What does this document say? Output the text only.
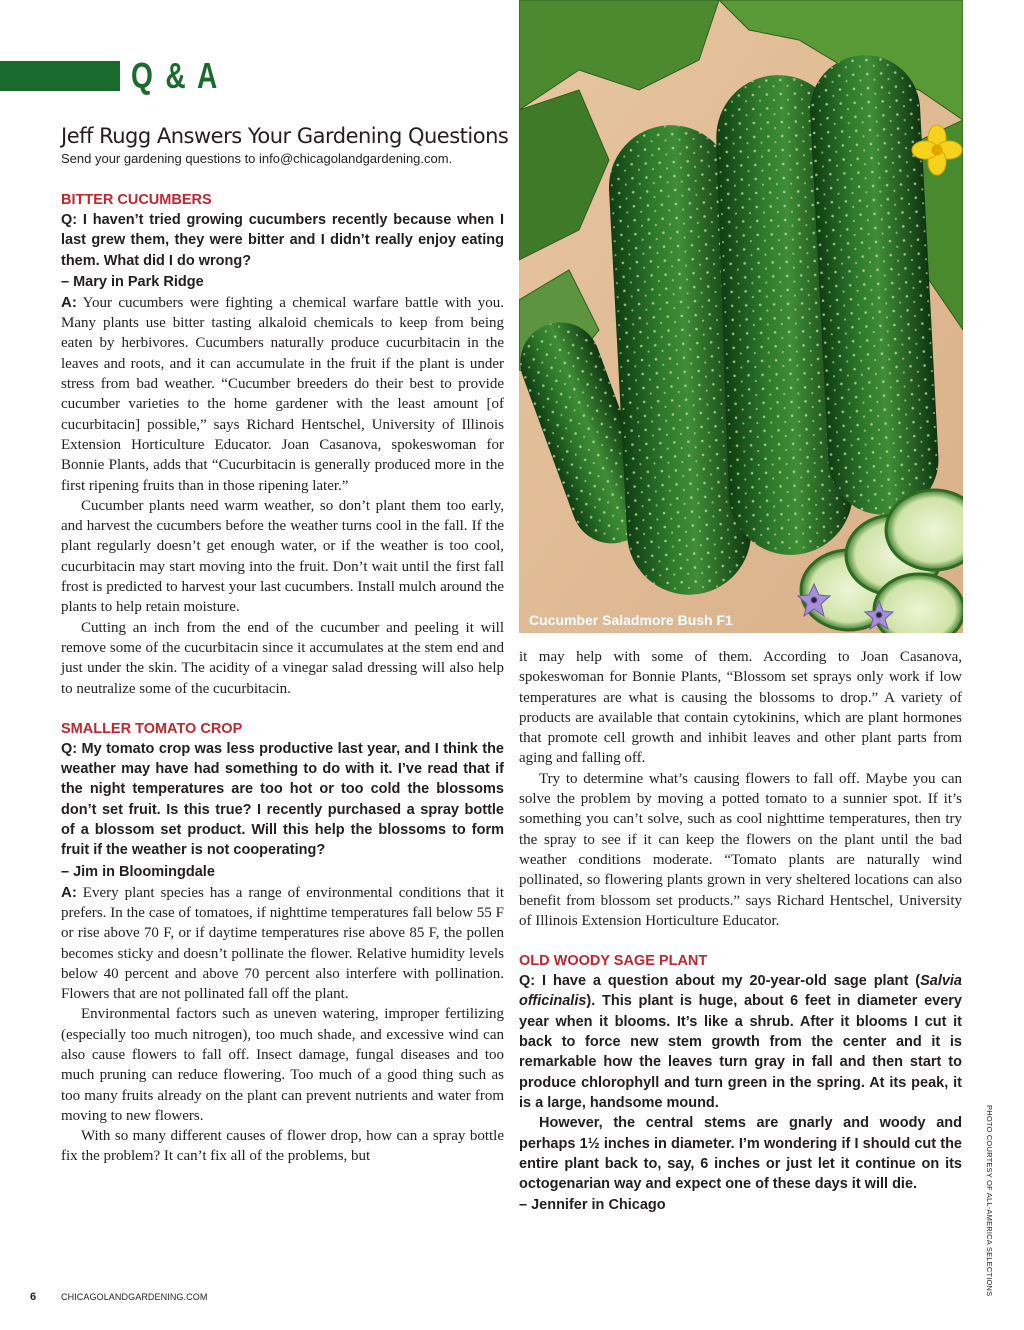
Q & A
Jeff Rugg Answers Your Gardening Questions
Send your gardening questions to info@chicagolandgardening.com.
Cucumber Saladmore Bush F1
PHOTO COURTESY OF ALL-AMERICA SELECTIONS

BITTER CUCUMBERS

Q: I haven’t tried growing cucumbers recently because when I last grew them, they were bitter and I didn’t really enjoy eating them. What did I do wrong?

– Mary in Park Ridge

A: Your cucumbers were fighting a chemical warfare battle with you. Many plants use bitter tasting alkaloid chemicals to keep from being eaten by herbivores. Cucumbers naturally produce cucurbitacin in the leaves and roots, and it can accumulate in the fruit if the plant is under stress from bad weather. “Cucumber breeders do their best to provide cucumber varieties to the home gardener with the least amount [of cucurbitacin] possible,” says Richard Hentschel, University of Illinois Extension Horticulture Educator. Joan Casanova, spokeswoman for Bonnie Plants, adds that “Cucurbitacin is generally produced more in the first ripening fruits than in those ripening later.”

Cucumber plants need warm weather, so don’t plant them too early, and harvest the cucumbers before the weather turns cool in the fall. If the plant regularly doesn’t get enough water, or if the weather is too cool, cucurbitacin may start moving into the fruit. Don’t wait until the first fall frost is predicted to harvest your last cucumbers. Install mulch around the plants to help retain moisture.

Cutting an inch from the end of the cucumber and peeling it will remove some of the cucurbitacin since it accumulates at the stem end and just under the skin. The acidity of a vinegar salad dressing will also help to neutralize some of the cucurbitacin.

SMALLER TOMATO CROP

Q: My tomato crop was less productive last year, and I think the weather may have had something to do with it. I’ve read that if the night temperatures are too hot or too cold the blossoms don’t set fruit. Is this true? I recently purchased a spray bottle of a blossom set product. Will this help the blossoms to form fruit if the weather is not cooperating?

– Jim in Bloomingdale

A: Every plant species has a range of environmental conditions that it prefers. In the case of tomatoes, if nighttime temperatures fall below 55 F or rise above 70 F, or if daytime temperatures rise above 85 F, the pollen becomes sticky and doesn’t pollinate the flower. Relative humidity levels below 40 percent and above 70 percent also interfere with pollination. Flowers that are not pollinated fall off the plant.

Environmental factors such as uneven watering, improper fertilizing (especially too much nitrogen), too much shade, and excessive wind can also cause flowers to fall off. Insect damage, fungal diseases and too much pruning can reduce flowering. Too much of a good thing such as too many fruits already on the plant can prevent nutrients and water from moving to new flowers.

With so many different causes of flower drop, how can a spray bottle fix the problem? It can’t fix all of the problems, but

it may help with some of them. According to Joan Casanova, spokeswoman for Bonnie Plants, “Blossom set sprays only work if low temperatures are what is causing the blossoms to drop.” A variety of products are available that contain cytokinins, which are plant hormones that promote cell growth and inhibit leaves and other plant parts from aging and falling off.

Try to determine what’s causing flowers to fall off. Maybe you can solve the problem by moving a potted tomato to a sunnier spot. If it’s something you can’t solve, such as cool nighttime temperatures, then try the spray to see if it can keep the flowers on the plant until the bad weather conditions moderate. “Tomato plants are naturally wind pollinated, so flowering plants grown in very sheltered locations can also benefit from blossom set products.” says Richard Hentschel, University of Illinois Extension Horticulture Educator.

OLD WOODY SAGE PLANT

Q: I have a question about my 20-year-old sage plant (Salvia officinalis). This plant is huge, about 6 feet in diameter every year when it blooms. It’s like a shrub. After it blooms I cut it back to force new stem growth from the center and it is remarkable how the leaves turn gray in fall and then start to produce chlorophyll and turn green in the spring. At its peak, it is a large, handsome mound.

However, the central stems are gnarly and woody and perhaps 1½ inches in diameter. I’m wondering if I should cut the entire plant back to, say, 6 inches or just let it continue on its octogenarian way and expect one of these days it will die.

– Jennifer in Chicago

6	CHICAGOLANDGARDENING.COM
